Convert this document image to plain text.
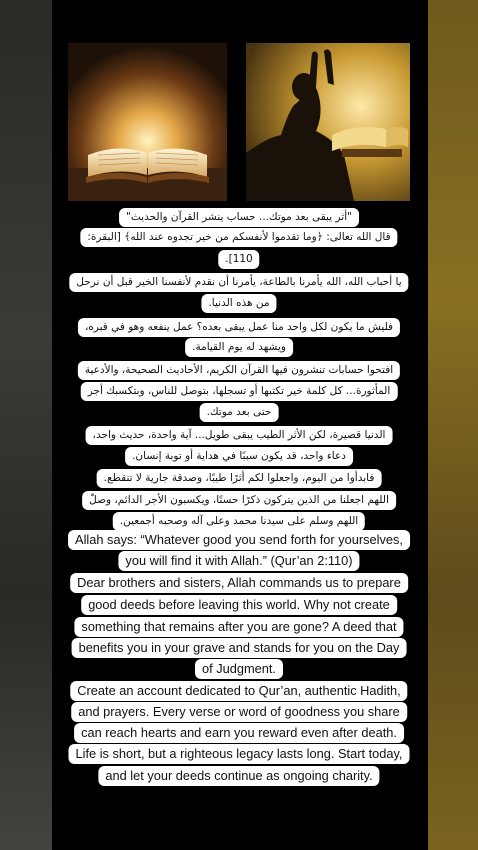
"أثر يبقى بعد موتك... حساب ينشر القرآن والحديث"
قال الله تعالى: ﴿وما تقدموا لأنفسكم من خير تجدوه عند الله﴾ [البقرة:
110].
يا أحباب الله، الله يأمرنا بالطاعة، يأمرنا أن نقدم لأنفسنا الخير قبل أن نرحل
من هذه الدنيا.
فليش ما يكون لكل واحد منا عمل يبقى بعده؟ عمل ينفعه وهو في قبره،
ويشهد له يوم القيامة.
افتحوا حسابات تنشرون فيها القرآن الكريم، الأحاديث الصحيحة، والأدعية
المأثورة... كل كلمة خير تكتبها أو تسجلها، بتوصل للناس، وبتكسبك أجر
حتى بعد موتك.
الدنيا قصيرة، لكن الأثر الطيب يبقى طويل... آية واحدة، حديث واحد،
دعاء واحد، قد يكون سببًا في هداية أو توبة إنسان.
فابدأوا من اليوم، واجعلوا لكم أثرًا طيبًا، وصدقة جارية لا تنقطع.
اللهم اجعلنا من الذين يتركون ذكرًا حسنًا، ويكسبون الأجر الدائم، وصلّ
اللهم وسلم على سيدنا محمد وعلى آله وصحبه أجمعين.
Allah says: “Whatever good you send forth for yourselves,
you will find it with Allah.” (Qur’an 2:110)
Dear brothers and sisters, Allah commands us to prepare
good deeds before leaving this world. Why not create
something that remains after you are gone? A deed that
benefits you in your grave and stands for you on the Day
of Judgment.
Create an account dedicated to Qur’an, authentic Hadith,
and prayers. Every verse or word of goodness you share
can reach hearts and earn you reward even after death.
Life is short, but a righteous legacy lasts long. Start today,
and let your deeds continue as ongoing charity.
